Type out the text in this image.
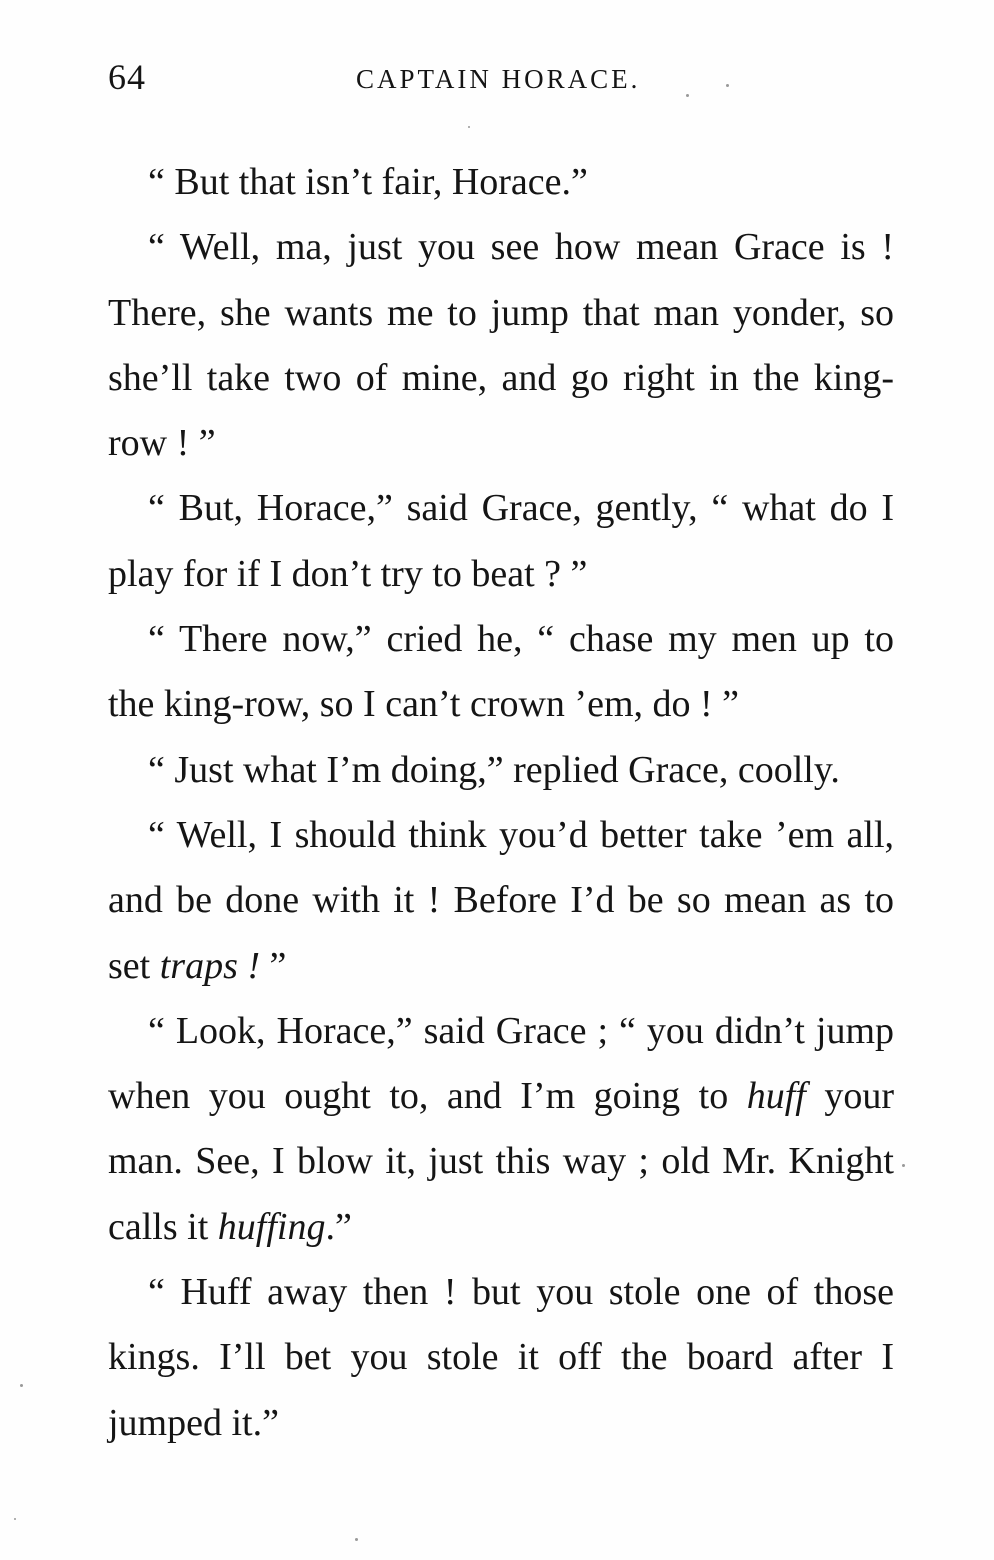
64	CAPTAIN HORACE.

“ But that isn’t fair, Horace.”

“ Well, ma, just you see how mean Grace is ! There, she wants me to jump that man yonder, so she’ll take two of mine, and go right in the king-row ! ”

“ But, Horace,” said Grace, gently, “ what do I play for if I don’t try to beat ? ”

“ There now,” cried he, “ chase my men up to the king-row, so I can’t crown ’em, do ! ”

“ Just what I’m doing,” replied Grace, coolly.

“ Well, I should think you’d better take ’em all, and be done with it ! Before I’d be so mean as to set traps ! ”

“ Look, Horace,” said Grace ; “ you didn’t jump when you ought to, and I’m going to huff your man. See, I blow it, just this way ; old Mr. Knight calls it huffing.”

“ Huff away then ! but you stole one of those kings. I’ll bet you stole it off the board after I jumped it.”
